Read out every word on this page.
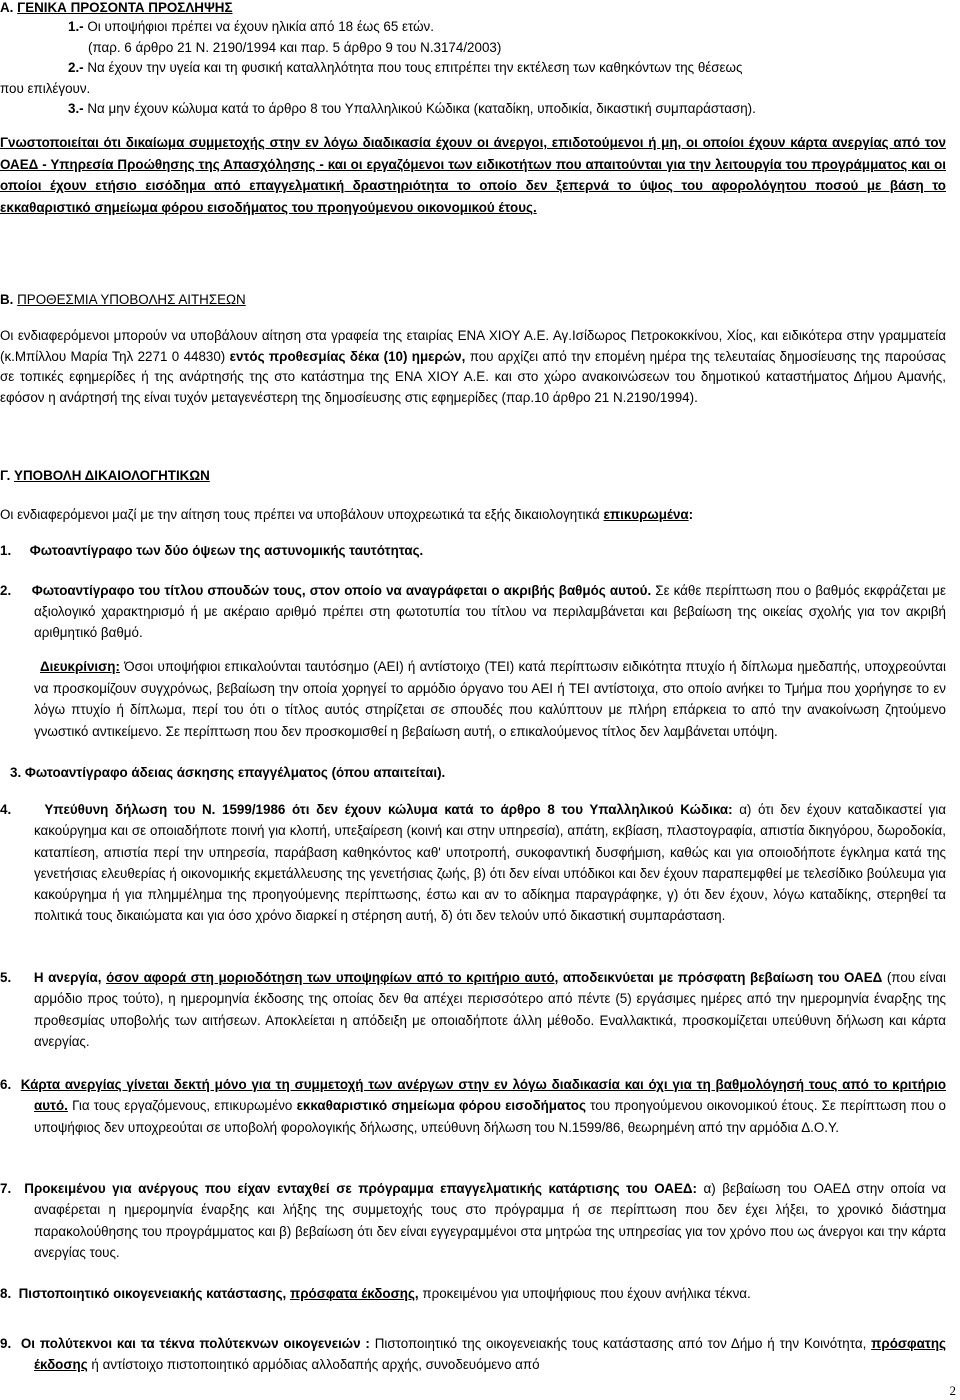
Α. ΓΕΝΙΚΑ ΠΡΟΣΟΝΤΑ ΠΡΟΣΛΗΨΗΣ
1.- Οι υποψήφιοι πρέπει να έχουν ηλικία από 18 έως 65 ετών.
(παρ. 6 άρθρο 21 Ν. 2190/1994 και παρ. 5 άρθρο 9 του Ν.3174/2003)
2.- Να έχουν την υγεία και τη φυσική καταλληλότητα που τους επιτρέπει την εκτέλεση των καθηκόντων της θέσεως
που επιλέγουν.
3.- Να μην έχουν κώλυμα κατά το άρθρο 8 του Υπαλληλικού Κώδικα (καταδίκη, υποδικία, δικαστική συμπαράσταση).
Γνωστοποιείται ότι δικαίωμα συμμετοχής στην εν λόγω διαδικασία έχουν οι άνεργοι, επιδοτούμενοι ή μη, οι οποίοι έχουν κάρτα ανεργίας από τον ΟΑΕΔ - Υπηρεσία Προώθησης της Απασχόλησης - και οι εργαζόμενοι των ειδικοτήτων που απαιτούνται για την λειτουργία του προγράμματος και οι οποίοι έχουν ετήσιο εισόδημα από επαγγελματική δραστηριότητα το οποίο δεν ξεπερνά το ύψος του αφορολόγητου ποσού με βάση το εκκαθαριστικό σημείωμα φόρου εισοδήματος του προηγούμενου οικονομικού έτους.
Β. ΠΡΟΘΕΣΜΙΑ ΥΠΟΒΟΛΗΣ ΑΙΤΗΣΕΩΝ
Οι ενδιαφερόμενοι μπορούν να υποβάλουν αίτηση στα γραφεία της εταιρίας ΕΝΑ ΧΙΟΥ Α.Ε. Αγ.Ισίδωρος Πετροκοκκίνου, Χίος, και ειδικότερα στην γραμματεία (κ.Μπίλλου Μαρία Τηλ 2271 0 44830) εντός προθεσμίας δέκα (10) ημερών, που αρχίζει από την επομένη ημέρα της τελευταίας δημοσίευσης της παρούσας σε τοπικές εφημερίδες ή της ανάρτησής της στο κατάστημα της ΕΝΑ ΧΙΟΥ Α.Ε. και στο χώρο ανακοινώσεων του δημοτικού καταστήματος Δήμου Αμανής, εφόσον η ανάρτησή της είναι τυχόν μεταγενέστερη της δημοσίευσης στις εφημερίδες (παρ.10 άρθρο 21 Ν.2190/1994).
Γ. ΥΠΟΒΟΛΗ ΔΙΚΑΙΟΛΟΓΗΤΙΚΩΝ
Οι ενδιαφερόμενοι μαζί με την αίτηση τους πρέπει να υποβάλουν υποχρεωτικά τα εξής δικαιολογητικά επικυρωμένα:
1. Φωτοαντίγραφο των δύο όψεων της αστυνομικής ταυτότητας.
2. Φωτοαντίγραφο του τίτλου σπουδών τους, στον οποίο να αναγράφεται ο ακριβής βαθμός αυτού. Σε κάθε περίπτωση που ο βαθμός εκφράζεται με αξιολογικό χαρακτηρισμό ή με ακέραιο αριθμό πρέπει στη φωτοτυπία του τίτλου να περιλαμβάνεται και βεβαίωση της οικείας σχολής για τον ακριβή αριθμητικό βαθμό.
Διευκρίνιση: Όσοι υποψήφιοι επικαλούνται ταυτόσημο (ΑΕΙ) ή αντίστοιχο (ΤΕΙ) κατά περίπτωσιν ειδικότητα πτυχίο ή δίπλωμα ημεδαπής, υποχρεούνται να προσκομίζουν συγχρόνως, βεβαίωση την οποία χορηγεί το αρμόδιο όργανο του ΑΕΙ ή ΤΕΙ αντίστοιχα, στο οποίο ανήκει το Τμήμα που χορήγησε το εν λόγω πτυχίο ή δίπλωμα, περί του ότι ο τίτλος αυτός στηρίζεται σε σπουδές που καλύπτουν με πλήρη επάρκεια το από την ανακοίνωση ζητούμενο γνωστικό αντικείμενο. Σε περίπτωση που δεν προσκομισθεί η βεβαίωση αυτή, ο επικαλούμενος τίτλος δεν λαμβάνεται υπόψη.
3. Φωτοαντίγραφο άδειας άσκησης επαγγέλματος (όπου απαιτείται).
4. Υπεύθυνη δήλωση του Ν. 1599/1986 ότι δεν έχουν κώλυμα κατά το άρθρο 8 του Υπαλληλικού Κώδικα: α) ότι δεν έχουν καταδικαστεί για κακούργημα και σε οποιαδήποτε ποινή για κλοπή, υπεξαίρεση (κοινή και στην υπηρεσία), απάτη, εκβίαση, πλαστογραφία, απιστία δικηγόρου, δωροδοκία, καταπίεση, απιστία περί την υπηρεσία, παράβαση καθηκόντος καθ' υποτροπή, συκοφαντική δυσφήμιση, καθώς και για οποιοδήποτε έγκλημα κατά της γενετήσιας ελευθερίας ή οικονομικής εκμετάλλευσης της γενετήσιας ζωής, β) ότι δεν είναι υπόδικοι και δεν έχουν παραπεμφθεί με τελεσίδικο βούλευμα για κακούργημα ή για πλημμέλημα της προηγούμενης περίπτωσης, έστω και αν το αδίκημα παραγράφηκε, γ) ότι δεν έχουν, λόγω καταδίκης, στερηθεί τα πολιτικά τους δικαιώματα και για όσο χρόνο διαρκεί η στέρηση αυτή, δ) ότι δεν τελούν υπό δικαστική συμπαράσταση.
5. Η ανεργία, όσον αφορά στη μοριοδότηση των υποψηφίων από το κριτήριο αυτό, αποδεικνύεται με πρόσφατη βεβαίωση του ΟΑΕΔ (που είναι αρμόδιο προς τούτο), η ημερομηνία έκδοσης της οποίας δεν θα απέχει περισσότερο από πέντε (5) εργάσιμες ημέρες από την ημερομηνία έναρξης της προθεσμίας υποβολής των αιτήσεων. Αποκλείεται η απόδειξη με οποιαδήποτε άλλη μέθοδο. Εναλλακτικά, προσκομίζεται υπεύθυνη δήλωση και κάρτα ανεργίας.
6. Κάρτα ανεργίας γίνεται δεκτή μόνο για τη συμμετοχή των ανέργων στην εν λόγω διαδικασία και όχι για τη βαθμολόγησή τους από το κριτήριο αυτό. Για τους εργαζόμενους, επικυρωμένο εκκαθαριστικό σημείωμα φόρου εισοδήματος του προηγούμενου οικονομικού έτους. Σε περίπτωση που ο υποψήφιος δεν υποχρεούται σε υποβολή φορολογικής δήλωσης, υπεύθυνη δήλωση του Ν.1599/86, θεωρημένη από την αρμόδια Δ.Ο.Υ.
7. Προκειμένου για ανέργους που είχαν ενταχθεί σε πρόγραμμα επαγγελματικής κατάρτισης του ΟΑΕΔ: α) βεβαίωση του ΟΑΕΔ στην οποία να αναφέρεται η ημερομηνία έναρξης και λήξης της συμμετοχής τους στο πρόγραμμα ή σε περίπτωση που δεν έχει λήξει, το χρονικό διάστημα παρακολούθησης του προγράμματος και β) βεβαίωση ότι δεν είναι εγγεγραμμένοι στα μητρώα της υπηρεσίας για τον χρόνο που ως άνεργοι και την κάρτα ανεργίας τους.
8. Πιστοποιητικό οικογενειακής κατάστασης, πρόσφατα έκδοσης, προκειμένου για υποψήφιους που έχουν ανήλικα τέκνα.
9. Οι πολύτεκνοι και τα τέκνα πολύτεκνων οικογενειών : Πιστοποιητικό της οικογενειακής τους κατάστασης από τον Δήμο ή την Κοινότητα, πρόσφατης έκδοσης ή αντίστοιχο πιστοποιητικό αρμόδιας αλλοδαπής αρχής, συνοδευόμενο από
2
